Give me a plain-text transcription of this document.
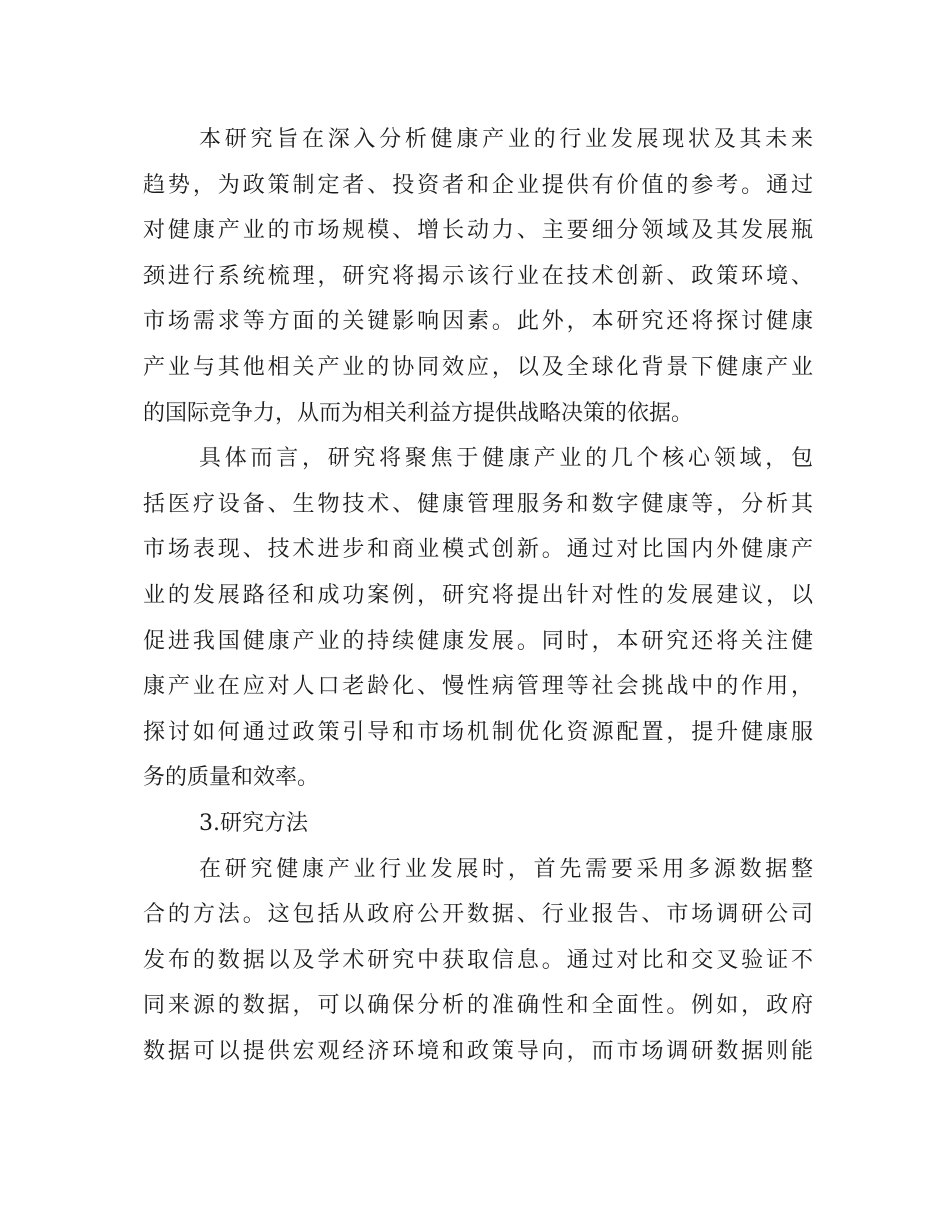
本研究旨在深入分析健康产业的行业发展现状及其未来
趋势，为政策制定者、投资者和企业提供有价值的参考。通过
对健康产业的市场规模、增长动力、主要细分领域及其发展瓶
颈进行系统梳理，研究将揭示该行业在技术创新、政策环境、
市场需求等方面的关键影响因素。此外，本研究还将探讨健康
产业与其他相关产业的协同效应，以及全球化背景下健康产业
的国际竞争力，从而为相关利益方提供战略决策的依据。
具体而言，研究将聚焦于健康产业的几个核心领域，包
括医疗设备、生物技术、健康管理服务和数字健康等，分析其
市场表现、技术进步和商业模式创新。通过对比国内外健康产
业的发展路径和成功案例，研究将提出针对性的发展建议，以
促进我国健康产业的持续健康发展。同时，本研究还将关注健
康产业在应对人口老龄化、慢性病管理等社会挑战中的作用，
探讨如何通过政策引导和市场机制优化资源配置，提升健康服
务的质量和效率。
3.研究方法
在研究健康产业行业发展时，首先需要采用多源数据整
合的方法。这包括从政府公开数据、行业报告、市场调研公司
发布的数据以及学术研究中获取信息。通过对比和交叉验证不
同来源的数据，可以确保分析的准确性和全面性。例如，政府
数据可以提供宏观经济环境和政策导向，而市场调研数据则能
